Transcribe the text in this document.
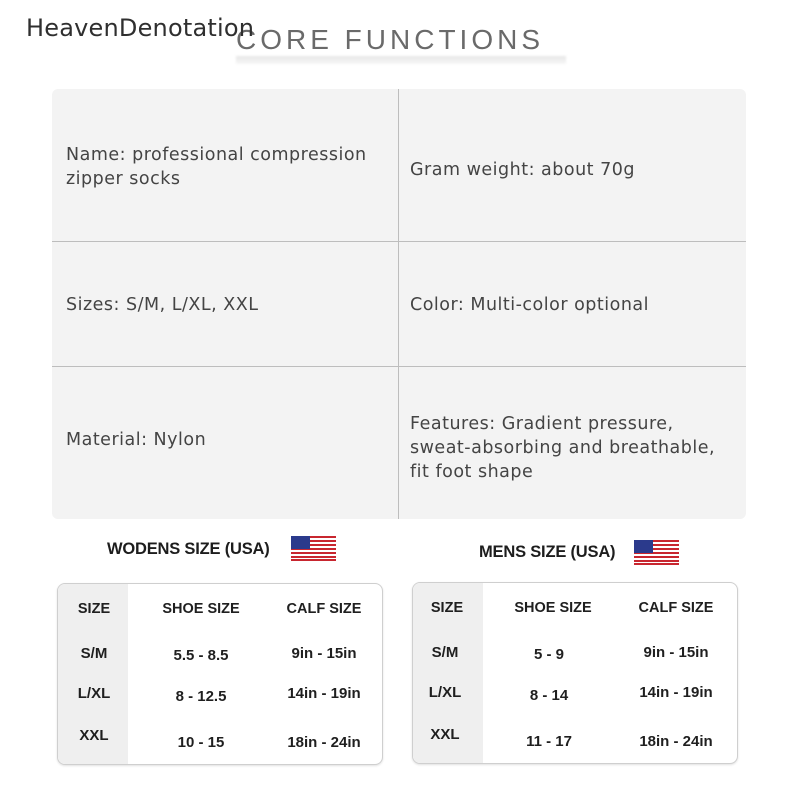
HeavenDenotation
CORE FUNCTIONS
Name: professional compression
zipper socks	Gram weight: about 70g
Sizes: S/M, L/XL, XXL	Color: Multi-color optional
Material: Nylon
Features: Gradient pressure,
sweat-absorbing and breathable,
fit foot shape
WODENS SIZE (USA)
SIZE	SHOE SIZE	CALF SIZE
S/M	5.5 - 8.5	9in - 15in
L/XL	8 - 12.5	14in - 19in
XXL	10 - 15	18in - 24in
MENS SIZE (USA)
SIZE	SHOE SIZE	CALF SIZE
S/M	5 - 9	9in - 15in
L/XL	8 - 14	14in - 19in
XXL	11 - 17	18in - 24in
